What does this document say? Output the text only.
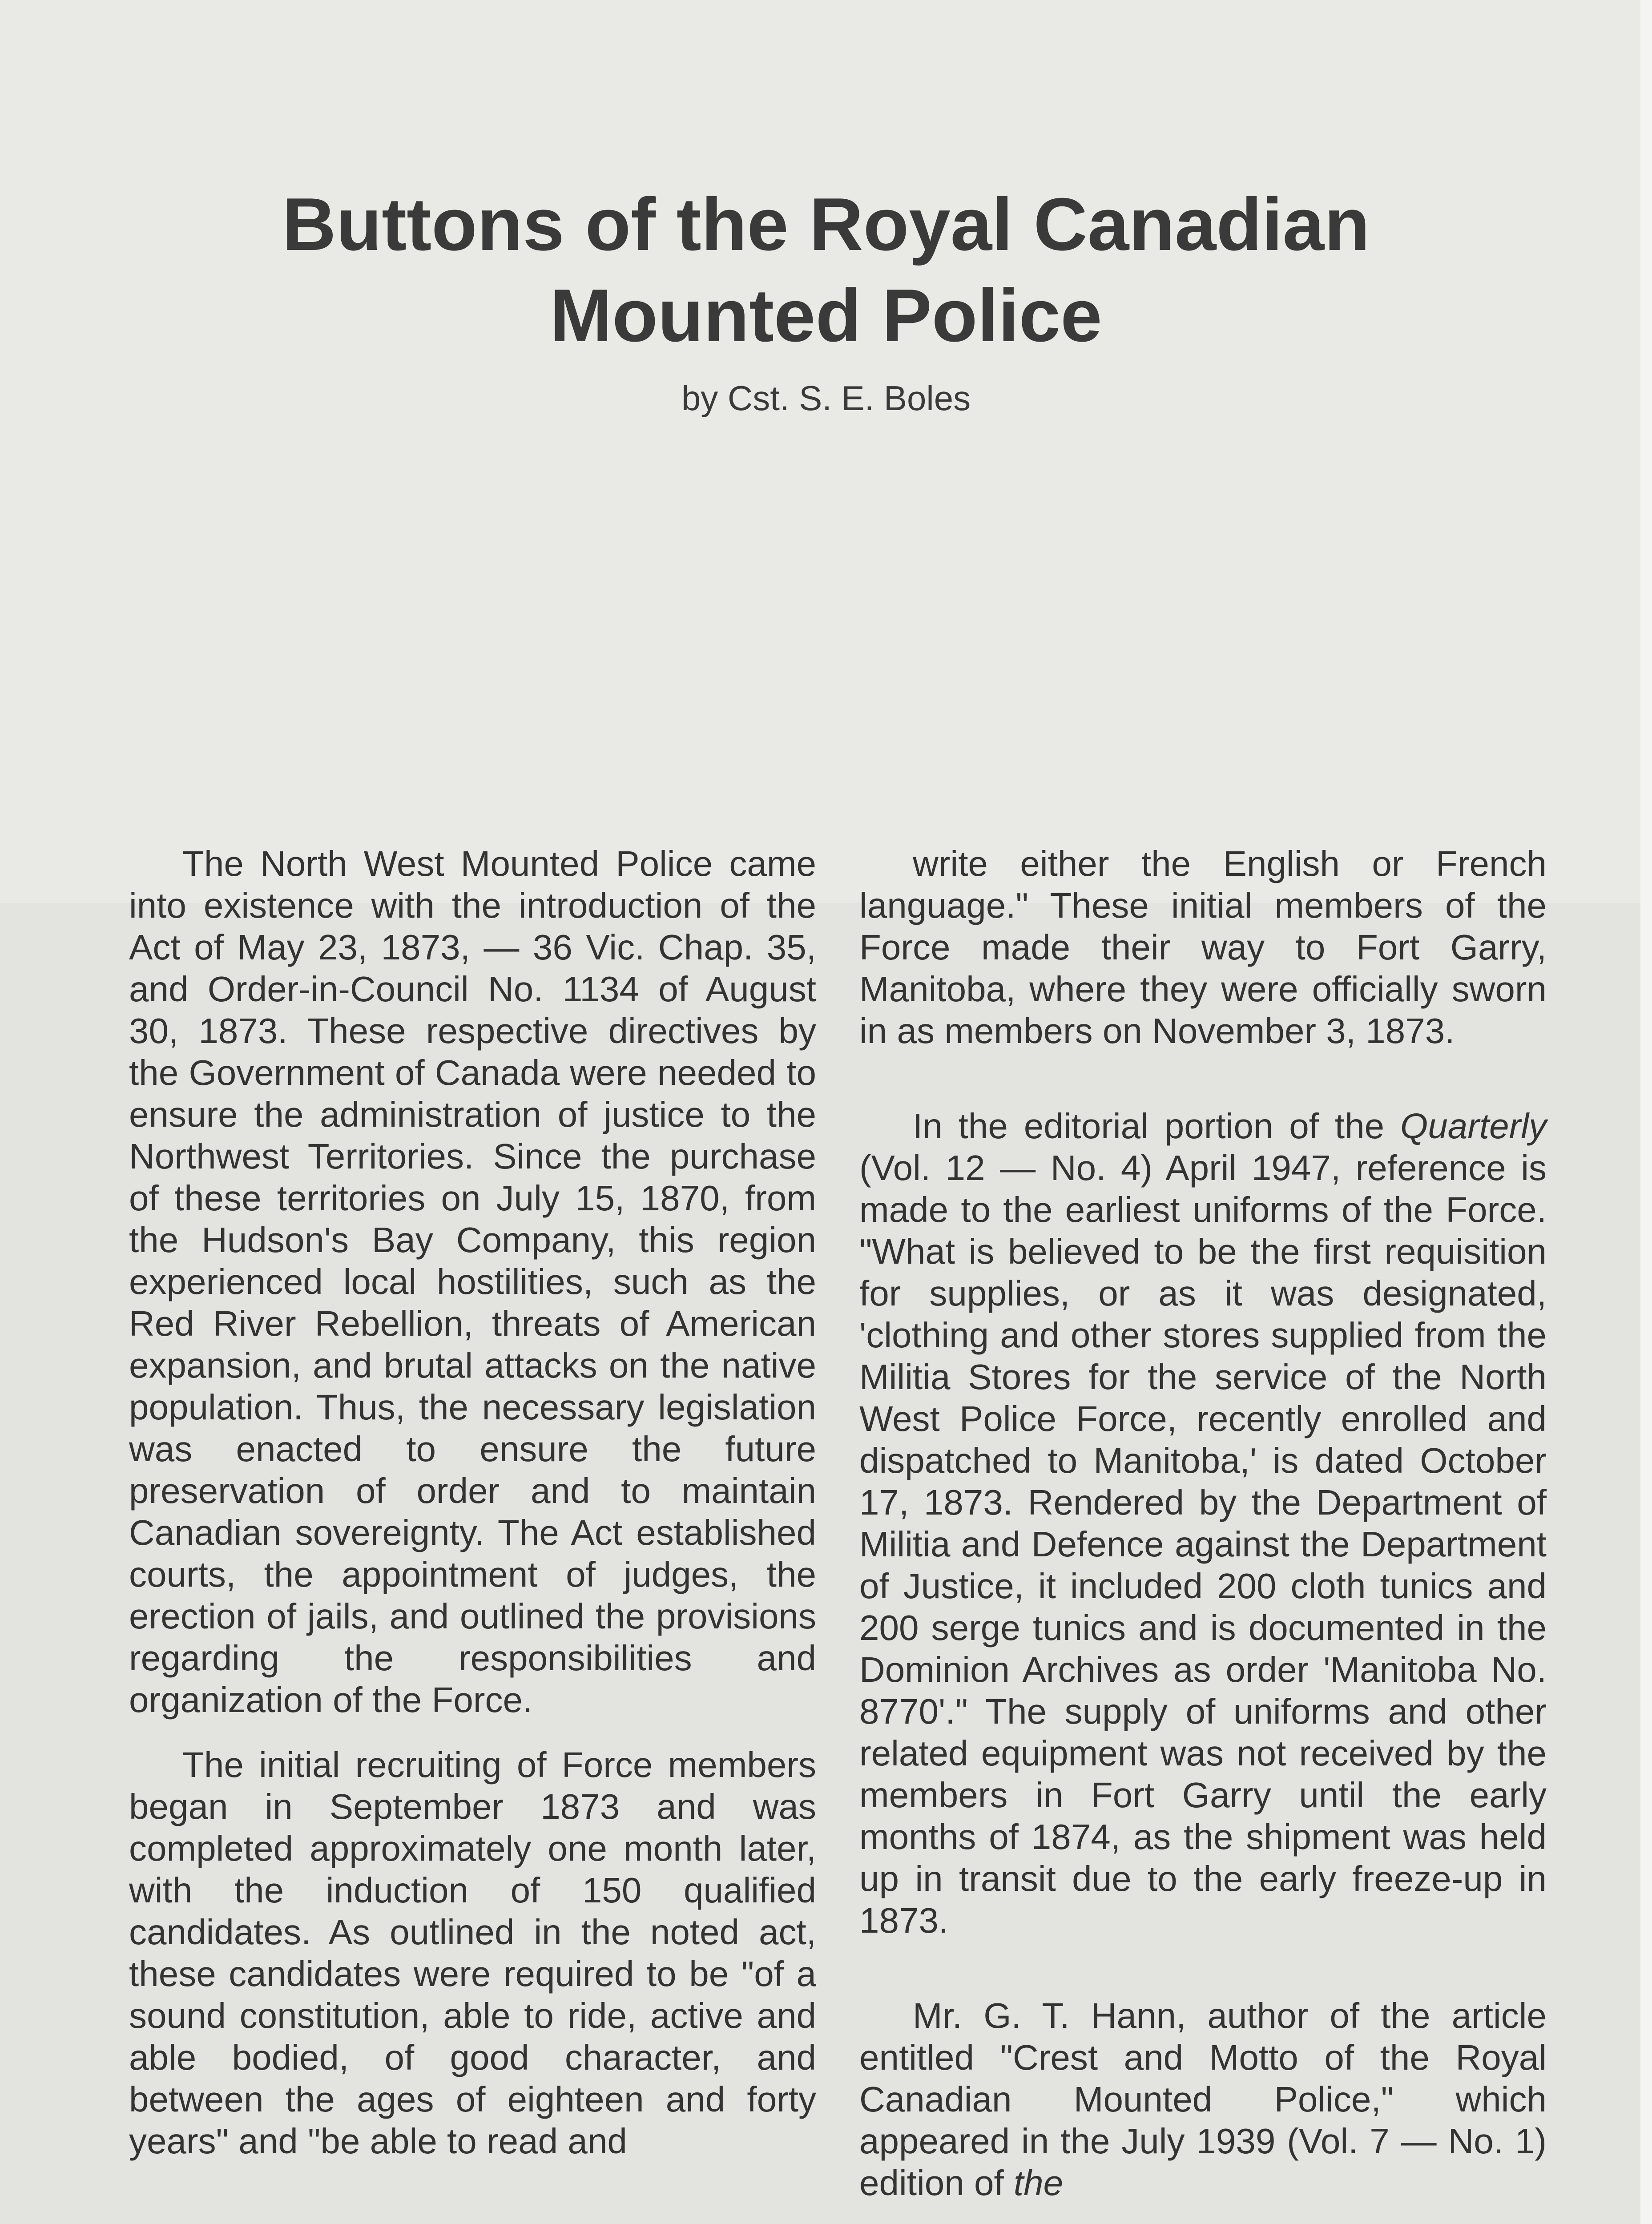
Buttons of the Royal Canadian
Mounted Police
by Cst. S. E. Boles

The North West Mounted Police came into existence with the introduction of the Act of May 23, 1873, — 36 Vic. Chap. 35, and Order-in-Council No. 1134 of August 30, 1873. These respective directives by the Government of Canada were needed to ensure the administration of justice to the Northwest Territories. Since the purchase of these territories on July 15, 1870, from the Hudson's Bay Company, this region experienced local hostilities, such as the Red River Rebellion, threats of American expansion, and brutal attacks on the native population. Thus, the necessary legislation was enacted to ensure the future preservation of order and to maintain Canadian sovereignty. The Act established courts, the appointment of judges, the erection of jails, and outlined the provisions regarding the responsibilities and organization of the Force.

The initial recruiting of Force members began in September 1873 and was completed approximately one month later, with the induction of 150 qualified candidates. As outlined in the noted act, these candidates were required to be "of a sound constitution, able to ride, active and able bodied, of good character, and between the ages of eighteen and forty years" and "be able to read and

write either the English or French language." These initial members of the Force made their way to Fort Garry, Manitoba, where they were officially sworn in as members on November 3, 1873.

In the editorial portion of the Quarterly (Vol. 12 — No. 4) April 1947, reference is made to the earliest uniforms of the Force. "What is believed to be the first requisition for supplies, or as it was designated, 'clothing and other stores supplied from the Militia Stores for the service of the North West Police Force, recently enrolled and dispatched to Manitoba,' is dated October 17, 1873. Rendered by the Department of Militia and Defence against the Department of Justice, it included 200 cloth tunics and 200 serge tunics and is documented in the Dominion Archives as order 'Manitoba No. 8770'." The supply of uniforms and other related equipment was not received by the members in Fort Garry until the early months of 1874, as the shipment was held up in transit due to the early freeze-up in 1873.

Mr. G. T. Hann, author of the article entitled "Crest and Motto of the Royal Canadian Mounted Police," which appeared in the July 1939 (Vol. 7 — No. 1) edition of the
